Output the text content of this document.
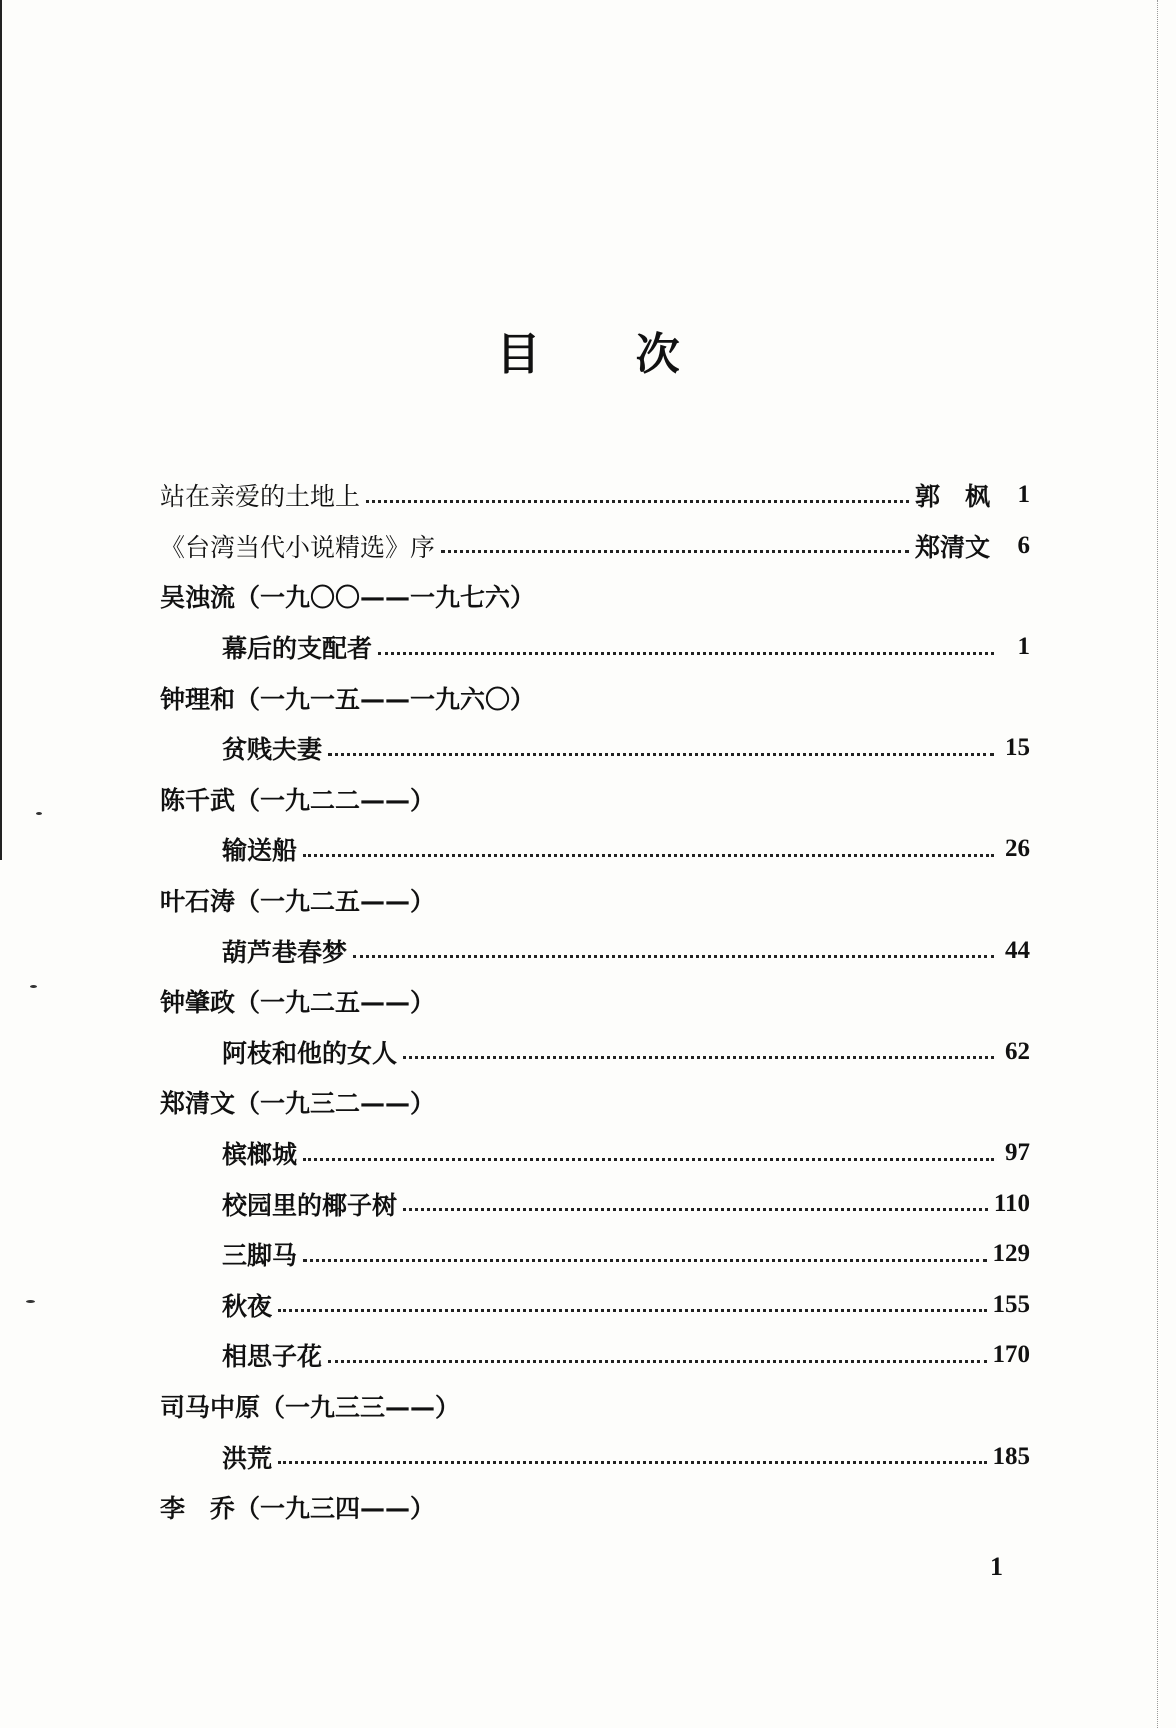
目 次
站在亲爱的土地上	郭　枫	1
《台湾当代小说精选》序	郑清文	6
吴浊流 （一九〇〇——一九七六）
幕后的支配者	1
钟理和 （一九一五——一九六〇）
贫贱夫妻	15
陈千武 （一九二二——）
输送船	26
叶石涛 （一九二五——）
葫芦巷春梦	44
钟肇政 （一九二五——）
阿枝和他的女人	62
郑清文 （一九三二——）
槟榔城	97
校园里的椰子树	110
三脚马	129
秋夜	155
相思子花	170
司马中原 （一九三三——）
洪荒	185
李　乔 （一九三四——）
1
